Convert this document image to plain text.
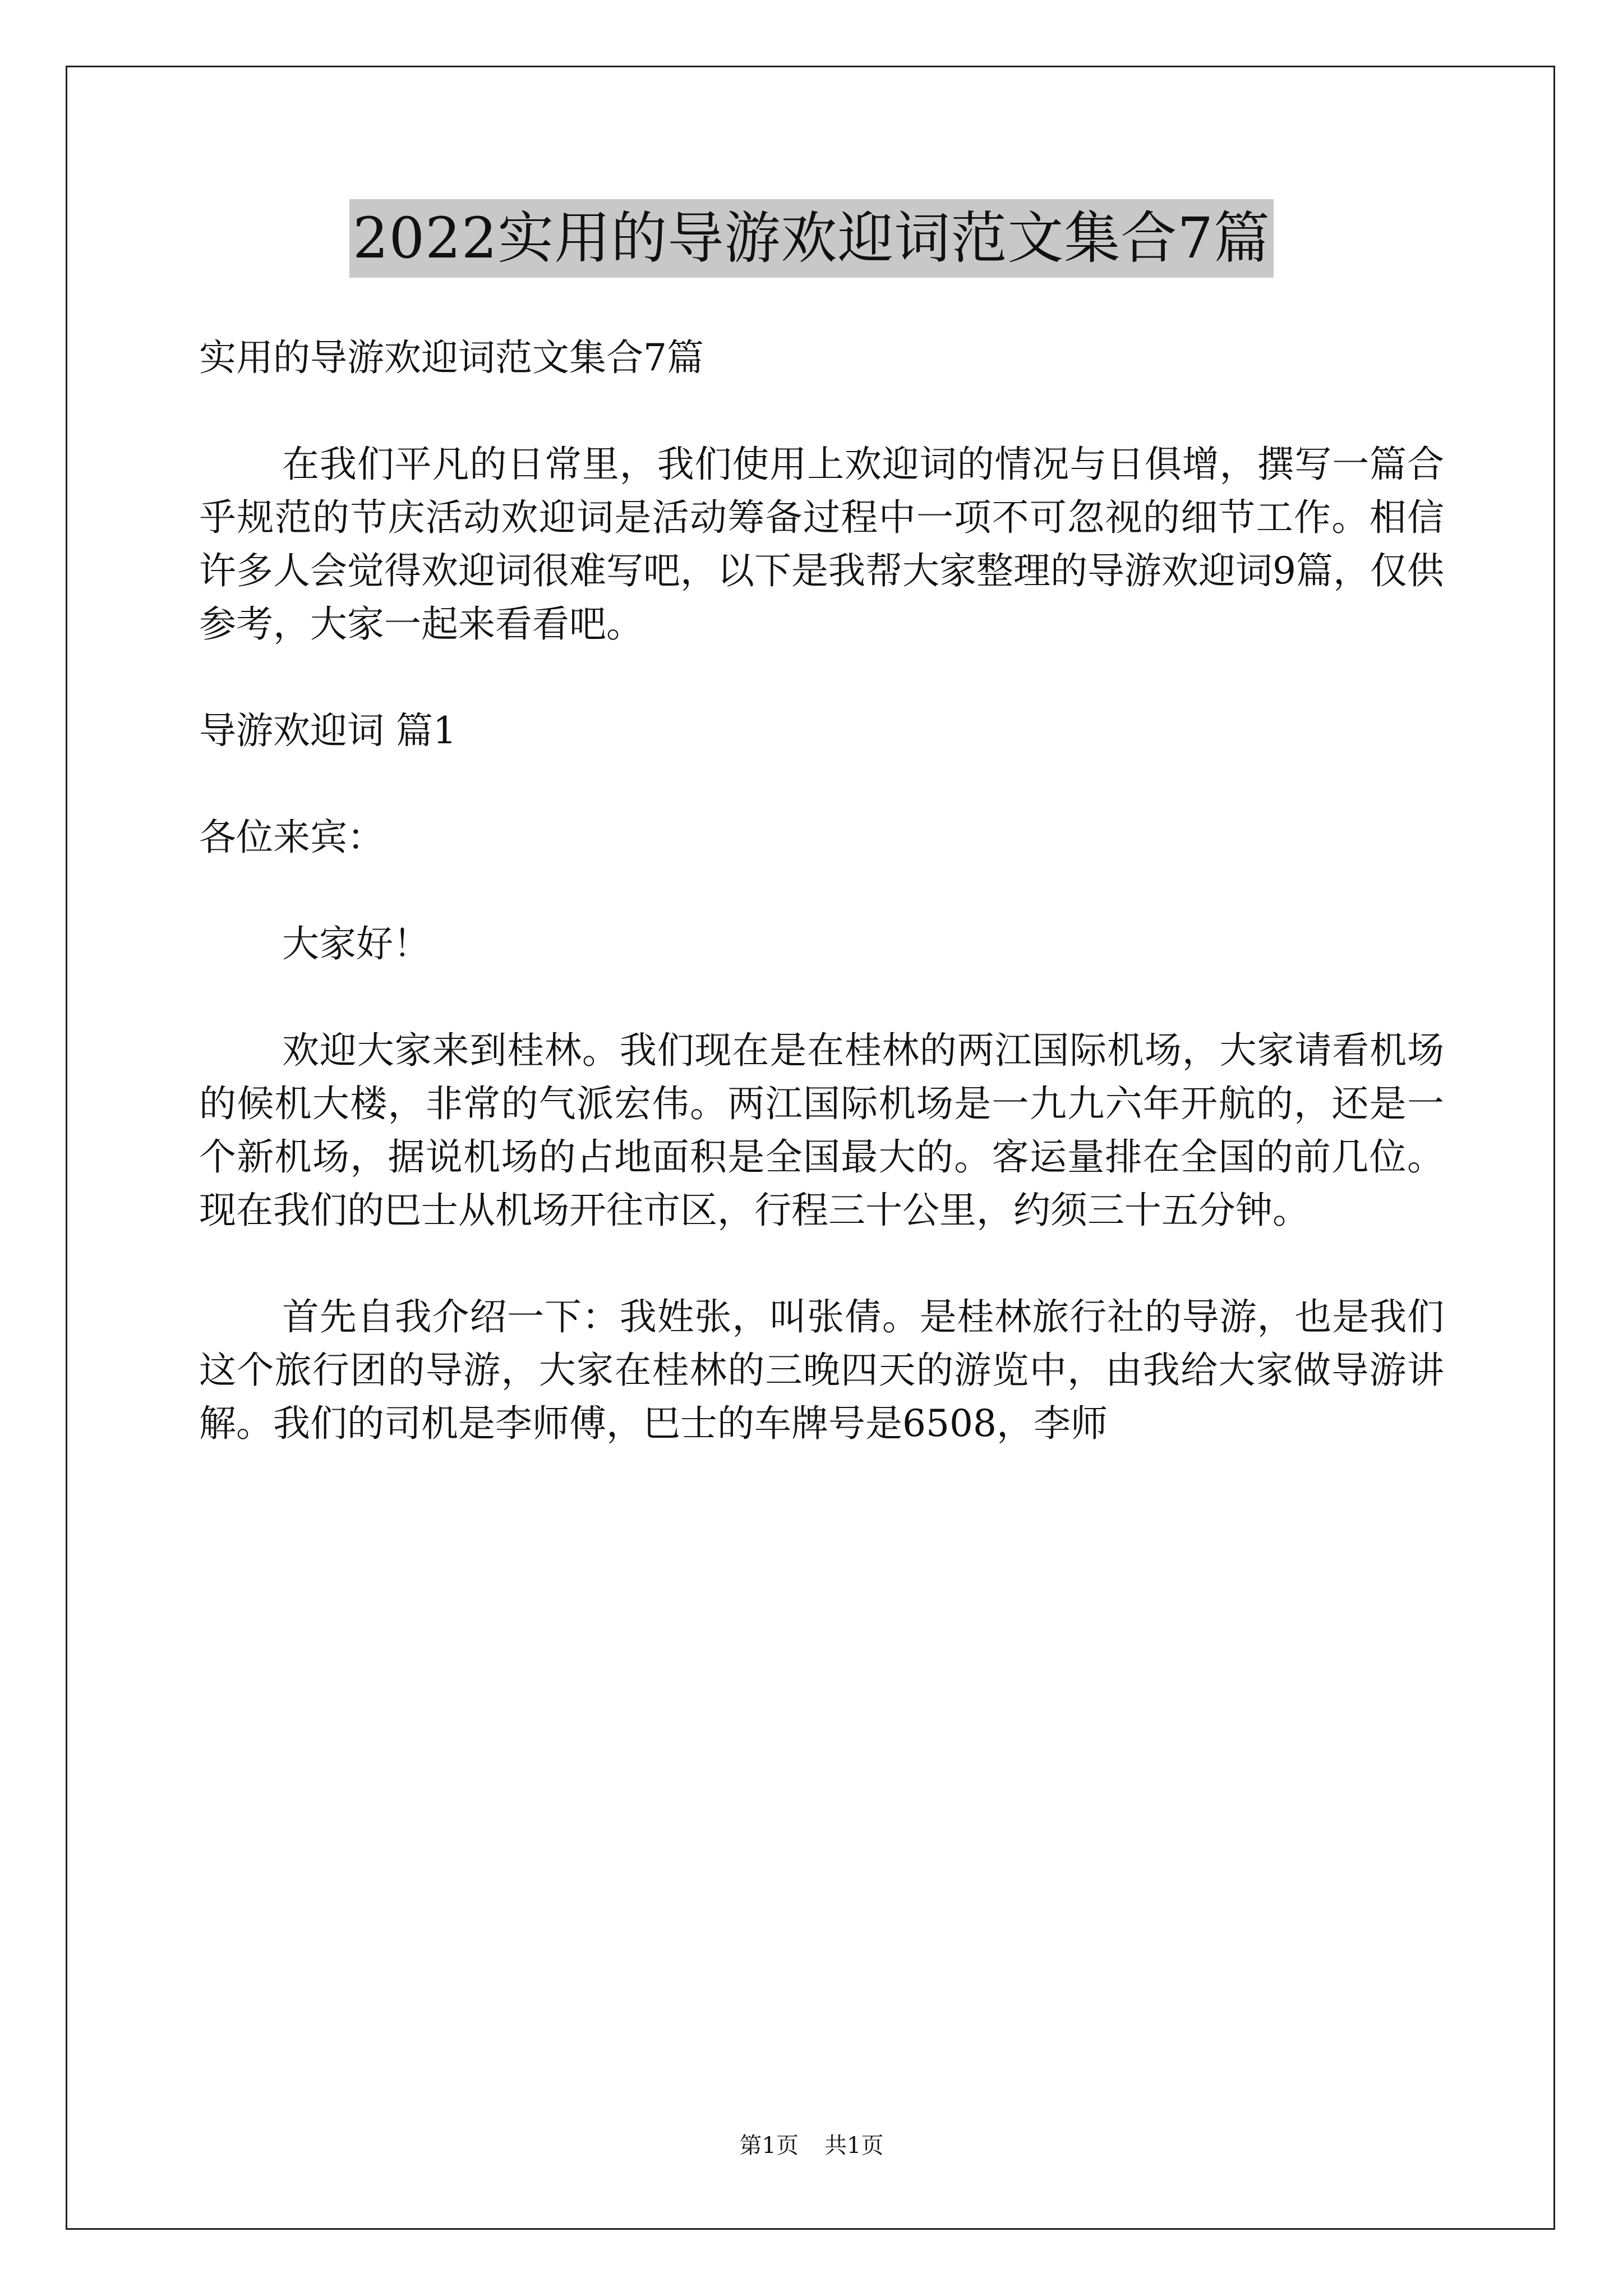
2022实用的导游欢迎词范文集合7篇

实用的导游欢迎词范文集合7篇

在我们平凡的日常里，我们使用上欢迎词的情况与日俱增，撰写一篇合乎规范的节庆活动欢迎词是活动筹备过程中一项不可忽视的细节工作。相信许多人会觉得欢迎词很难写吧，以下是我帮大家整理的导游欢迎词9篇，仅供参考，大家一起来看看吧。

导游欢迎词 篇1

各位来宾：

大家好！

欢迎大家来到桂林。我们现在是在桂林的两江国际机场，大家请看机场的候机大楼，非常的气派宏伟。两江国际机场是一九九六年开航的，还是一个新机场，据说机场的占地面积是全国最大的。客运量排在全国的前几位。现在我们的巴士从机场开往市区，行程三十公里，约须三十五分钟。

首先自我介绍一下：我姓张，叫张倩。是桂林旅行社的导游，也是我们这个旅行团的导游，大家在桂林的三晚四天的游览中，由我给大家做导游讲解。我们的司机是李师傅，巴士的车牌号是6508，李师

第1页 共1页
